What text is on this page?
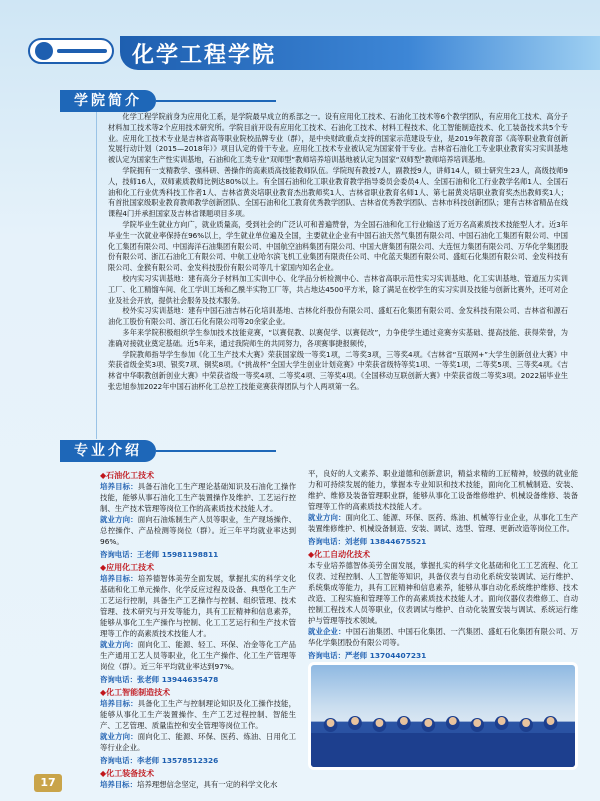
化学工程学院
学院简介

化学工程学院前身为应用化工系，是学院最早成立的系部之一。设有应用化工技术、石油化工技术等6个教学团队，有应用化工技术、高分子材料加工技术等2个应用技术研究所。学院目前开设有应用化工技术、石油化工技术、材料工程技术、化工智能制造技术、化工装备技术共5个专业。应用化工技术专业是吉林省高等职业院校品牌专业（群），是中央财政重点支持的国家示范建设专业，是2019年教育部《高等职业教育创新发展行动计划（2015—2018年）》项目认定的骨干专业。应用化工技术专业被认定为国家骨干专业。吉林省石油化工专业职业教育实习实训基地被认定为国家生产性实训基地，石油和化工类专业“双师型”教师培养培训基地被认定为国家“双师型”教师培养培训基地。

学院拥有一支精教学、强科研、善操作的高素质高技能教师队伍。学院现有教授7人，副教授9人，讲师14人，硕士研究生23人，高级技师9人，技师16人，双师素质教师比例达80%以上。有全国石油和化工职业教育教学指导委员会委员4人、全国石油和化工行业教学名师1人、全国石油和化工行业优秀科技工作者1人、吉林省黄炎培职业教育杰出教师奖1人、吉林省职业教育名师1人、第七届黄炎培职业教育奖杰出教师奖1人；有首批国家级职业教育教师教学创新团队、全国石油和化工教育优秀教学团队、吉林省优秀教学团队、吉林市科技创新团队；建有吉林省精品在线课程4门并承担国家及吉林省课题项目多项。

学院毕业生就业方向广，就业质量高，受到社会的广泛认可和普遍赞誉，为全国石油和化工行业输送了近万名高素质技术技能型人才。近3年毕业生一次就业率保持在96%以上，学生就业单位遍及全国，主要就业企业有中国石油天然气集团有限公司、中国石油化工集团有限公司、中国化工集团有限公司、中国海洋石油集团有限公司、中国航空油料集团有限公司、中国大唐集团有限公司、大连恒力集团有限公司、万华化学集团股份有限公司、浙江石油化工有限公司、中航工业哈尔滨飞机工业集团有限责任公司、中化蓝天集团有限公司、盛虹石化集团有限公司、金发科技有限公司、金猴有限公司、金发科技股份有限公司等几十家国内知名企业。

校内实习实训基地：建有高分子材料加工实训中心、化学品分析检测中心、吉林省高职示范性实习实训基地、化工实训基地、管道压力实训工厂、化工精馏车间、化工学训工场和乙酰半实物工厂等，共占地达4500平方米，除了满足在校学生的实习实训及技能与创新比赛外，还可对企业及社会开放，提供社会服务及技术服务。

校外实习实训基地：建有中国石油吉林石化培训基地、吉林化纤股份有限公司、盛虹石化集团有限公司、金发科技有限公司、吉林省和源石油化工股份有限公司、浙江石化有限公司等20余家企业。

多年来学院积极组织学生参加技术技能竞赛，“以赛促教、以赛促学、以赛促改”，力争使学生通过竞赛夯实基础、提高技能、获得荣誉，为准确对接就业奠定基础。近5年来，通过我院师生的共同努力，各项赛事捷报频传，

学院教师指导学生参加《化工生产技术大赛》荣获国家级一等奖1项，二等奖3项，三等奖4项。《吉林省“互联网+”大学生创新创业大赛》中荣获省级金奖3项、银奖7项、铜奖8项。《“挑战杯”全国大学生创业计划竞赛》中荣获省级特等奖1项、一等奖1项，二等奖5项、三等奖4项。《吉林省中华职教创新创业大赛》中荣获省级一等奖4项、二等奖4项、三等奖4项。《全国移动互联创新大赛》中荣获省级二等奖3项。2022届毕业生张忠旭参加2022年中国石油杯化工总控工技能竞赛获得团队与个人两项第一名。

专业介绍
◆石油化工技术
培养目标：具备石油化工生产理论基础知识及石油化工操作技能，能够从事石油化工生产装置操作及维护、工艺运行控制、生产技术管理等岗位工作的高素质技术技能人才。
就业方向：面向石油炼制生产人员等职业，生产现场操作、总控操作、产品检测等岗位（群）。近三年平均就业率达到96%。
咨询电话：王老师 15981198811
◆应用化工技术
培养目标：培养德智体美劳全面发展，掌握扎实的科学文化基础和化工单元操作、化学反应过程及设备、典型化工生产工艺运行控制，具备生产工艺操作与控制、组织管理、技术管理、技术研究与开发等能力，具有工匠精神和信息素养，能够从事化工生产操作与控制、化工工艺运行和生产技术管理等工作的高素质技术技能人才。
就业方向：面向化工、能源、轻工、环保、冶金等化工产品生产通用工艺人员等职业，化工生产操作、化工生产管理等岗位（群）。近三年平均就业率达到97%。
咨询电话：张老师 13944635478
◆化工智能制造技术
培养目标：具备化工生产与控制理论知识及化工操作技能，能够从事化工生产装置操作、生产工艺过程控制、智能生产、工艺管理、质量监控和安全管理等岗位工作。
就业方向：面向化工、能源、环保、医药、炼油、日用化工等行业企业。
咨询电话：李老师 13578512326
◆化工装备技术
培养目标：培养理想信念坚定，具有一定的科学文化水
平，良好的人文素养、职业道德和创新意识，精益求精的工匠精神，较强的就业能力和可持续发展的能力，掌握本专业知识和技术技能，面向化工机械制造、安装、维护、维修及装备管理职业群，能够从事化工设备维修维护、机械设备维修、装备管理等工作的高素质技术技能人才。
就业方向：面向化工、能源、环保、医药、炼油、机械等行业企业，从事化工生产装置维修维护、机械设备制造、安装、调试、选型、管理、更新改造等岗位工作。
咨询电话：刘老师 13844675521
◆化工自动化技术
本专业培养德智体美劳全面发展，掌握扎实的科学文化基础和化工工艺流程、化工仪表、过程控制、人工智能等知识，具备仪表与自动化系统安装调试、运行维护、系统集成等能力，具有工匠精神和信息素养，能够从事自动化系统维护维修、技术改造、工程实施和管理等工作的高素质技术技能人才。面向仪器仪表维修工、自动控制工程技术人员等职业，仪表调试与维护、自动化装置安装与调试、系统运行维护与管理等技术领域。
就业企业：中国石油集团、中国石化集团、一汽集团、盛虹石化集团有限公司、万华化学集团股份有限公司等。
咨询电话：严老师 13704407231
17
